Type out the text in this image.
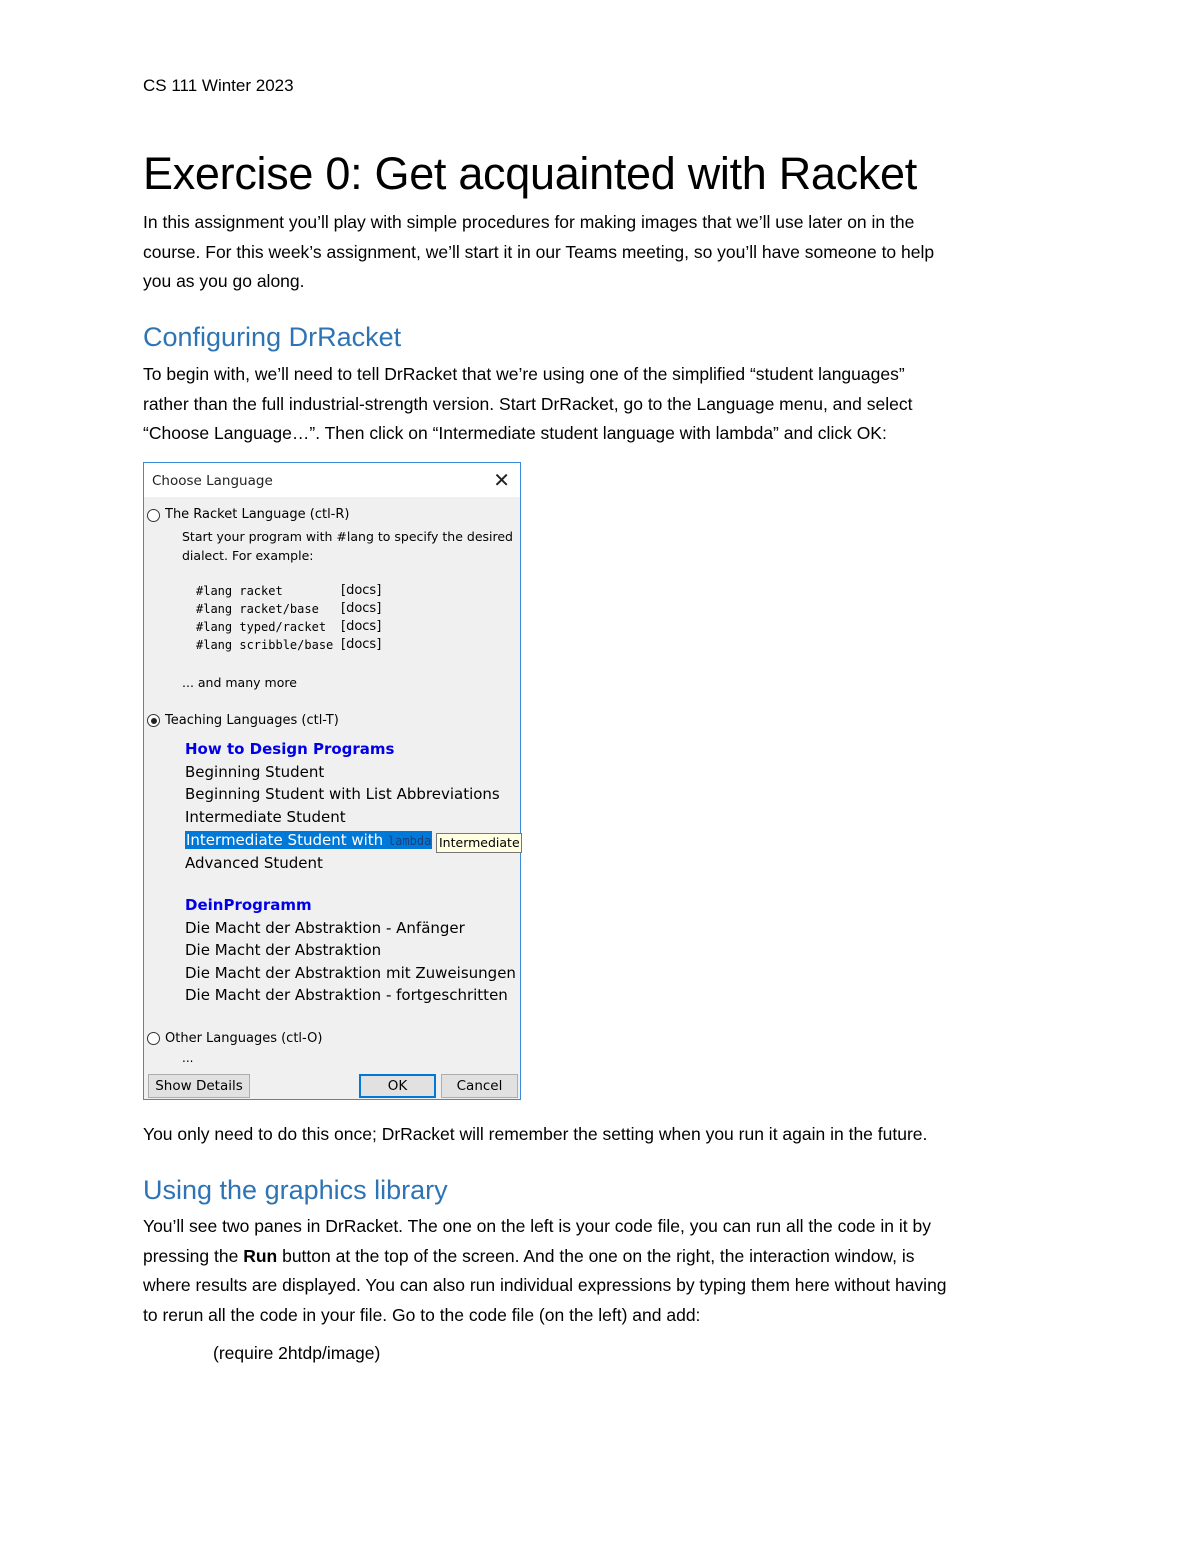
CS 111 Winter 2023
Exercise 0: Get acquainted with Racket

In this assignment you’ll play with simple procedures for making images that we’ll use later on in the
course. For this week’s assignment, we’ll start it in our Teams meeting, so you’ll have someone to help
you as you go along.

Configuring DrRacket

To begin with, we’ll need to tell DrRacket that we’re using one of the simplified “student languages”
rather than the full industrial-strength version. Start DrRacket, go to the Language menu, and select
“Choose Language…”. Then click on “Intermediate student language with lambda” and click OK:

Choose Language	✕
The Racket Language (ctl-R)
Start your program with #lang to specify the desired
dialect. For example:
#lang racket	[docs]
#lang racket/base [docs]
#lang typed/racket [docs]
#lang scribble/base [docs]
... and many more
Teaching Languages (ctl-T)
How to Design Programs
Beginning Student
Beginning Student with List Abbreviations
Intermediate Student
Intermediate Student with lambda Intermediate
Advanced Student
DeinProgramm
Die Macht der Abstraktion - Anfänger
Die Macht der Abstraktion
Die Macht der Abstraktion mit Zuweisungen
Die Macht der Abstraktion - fortgeschritten
Other Languages (ctl-O)
...
Show Details	OK	Cancel

You only need to do this once; DrRacket will remember the setting when you run it again in the future.

Using the graphics library

You’ll see two panes in DrRacket. The one on the left is your code file, you can run all the code in it by
pressing the Run button at the top of the screen. And the one on the right, the interaction window, is
where results are displayed. You can also run individual expressions by typing them here without having
to rerun all the code in your file. Go to the code file (on the left) and add:

(require 2htdp/image)
